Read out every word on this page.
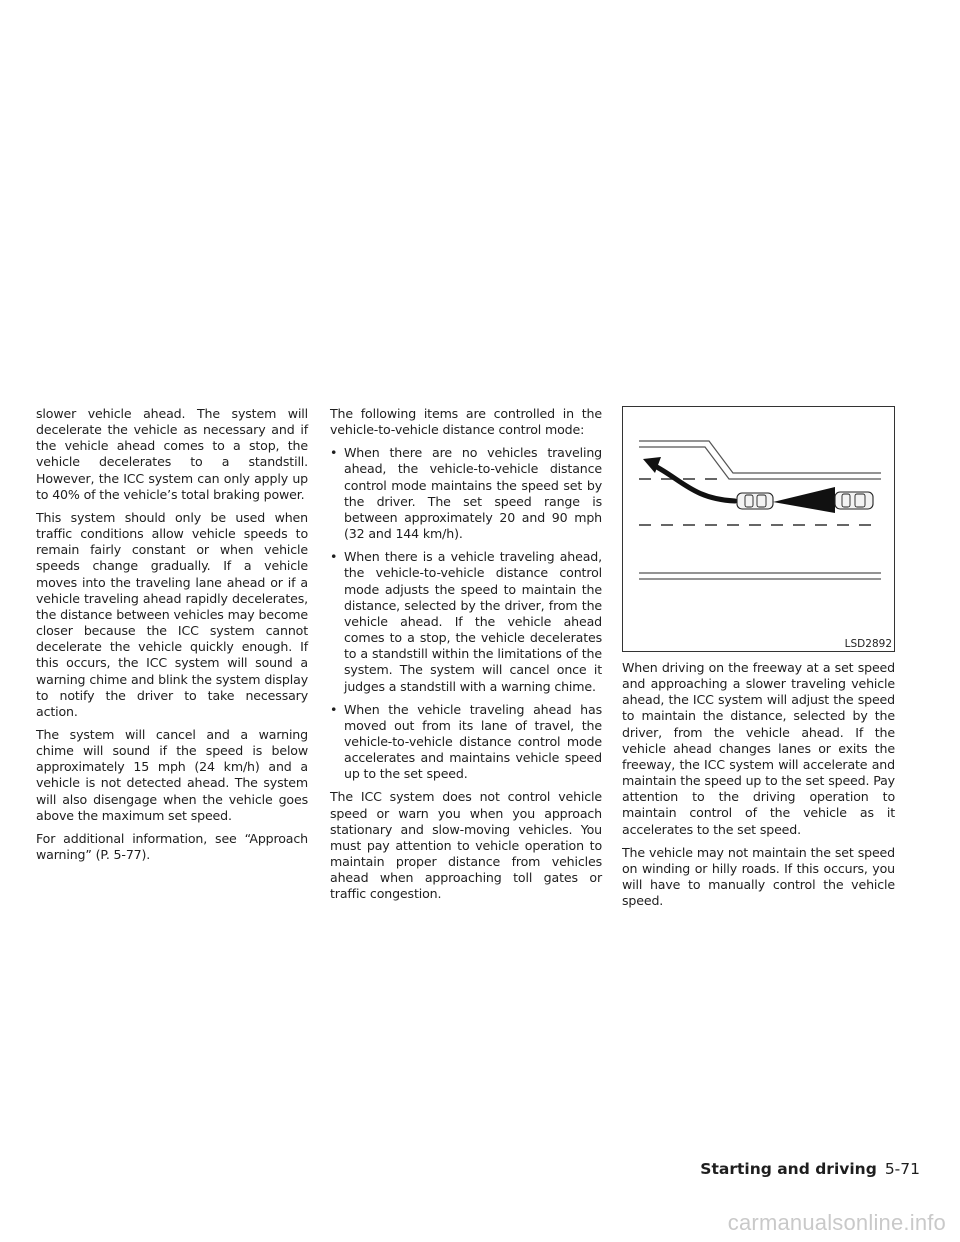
slower vehicle ahead. The system will decelerate the vehicle as necessary and if the vehicle ahead comes to a stop, the vehicle decelerates to a standstill. However, the ICC system can only apply up to 40% of the vehicle’s total braking power.

This system should only be used when traffic conditions allow vehicle speeds to remain fairly constant or when vehicle speeds change gradually. If a vehicle moves into the traveling lane ahead or if a vehicle traveling ahead rapidly decelerates, the distance between vehicles may become closer because the ICC system cannot decelerate the vehicle quickly enough. If this occurs, the ICC system will sound a warning chime and blink the system display to notify the driver to take necessary action.

The system will cancel and a warning chime will sound if the speed is below approximately 15 mph (24 km/h) and a vehicle is not detected ahead. The system will also disengage when the vehicle goes above the maximum set speed.

For additional information, see “Approach warning” (P. 5-77).

The following items are controlled in the vehicle-to-vehicle distance control mode:

• When there are no vehicles traveling ahead, the vehicle-to-vehicle distance control mode maintains the speed set by the driver. The set speed range is between approximately 20 and 90 mph (32 and 144 km/h).
• When there is a vehicle traveling ahead, the vehicle-to-vehicle distance control mode adjusts the speed to maintain the distance, selected by the driver, from the vehicle ahead. If the vehicle ahead comes to a stop, the vehicle decelerates to a standstill within the limitations of the system. The system will cancel once it judges a standstill with a warning chime.
• When the vehicle traveling ahead has moved out from its lane of travel, the vehicle-to-vehicle distance control mode accelerates and maintains vehicle speed up to the set speed.

The ICC system does not control vehicle speed or warn you when you approach stationary and slow-moving vehicles. You must pay attention to vehicle operation to maintain proper distance from vehicles ahead when approaching toll gates or traffic congestion.

LSD2892

When driving on the freeway at a set speed and approaching a slower traveling vehicle ahead, the ICC system will adjust the speed to maintain the distance, selected by the driver, from the vehicle ahead. If the vehicle ahead changes lanes or exits the freeway, the ICC system will accelerate and maintain the speed up to the set speed. Pay attention to the driving operation to maintain control of the vehicle as it accelerates to the set speed.

The vehicle may not maintain the set speed on winding or hilly roads. If this occurs, you will have to manually control the vehicle speed.

Starting and driving 5-71
carmanualsonline.info
